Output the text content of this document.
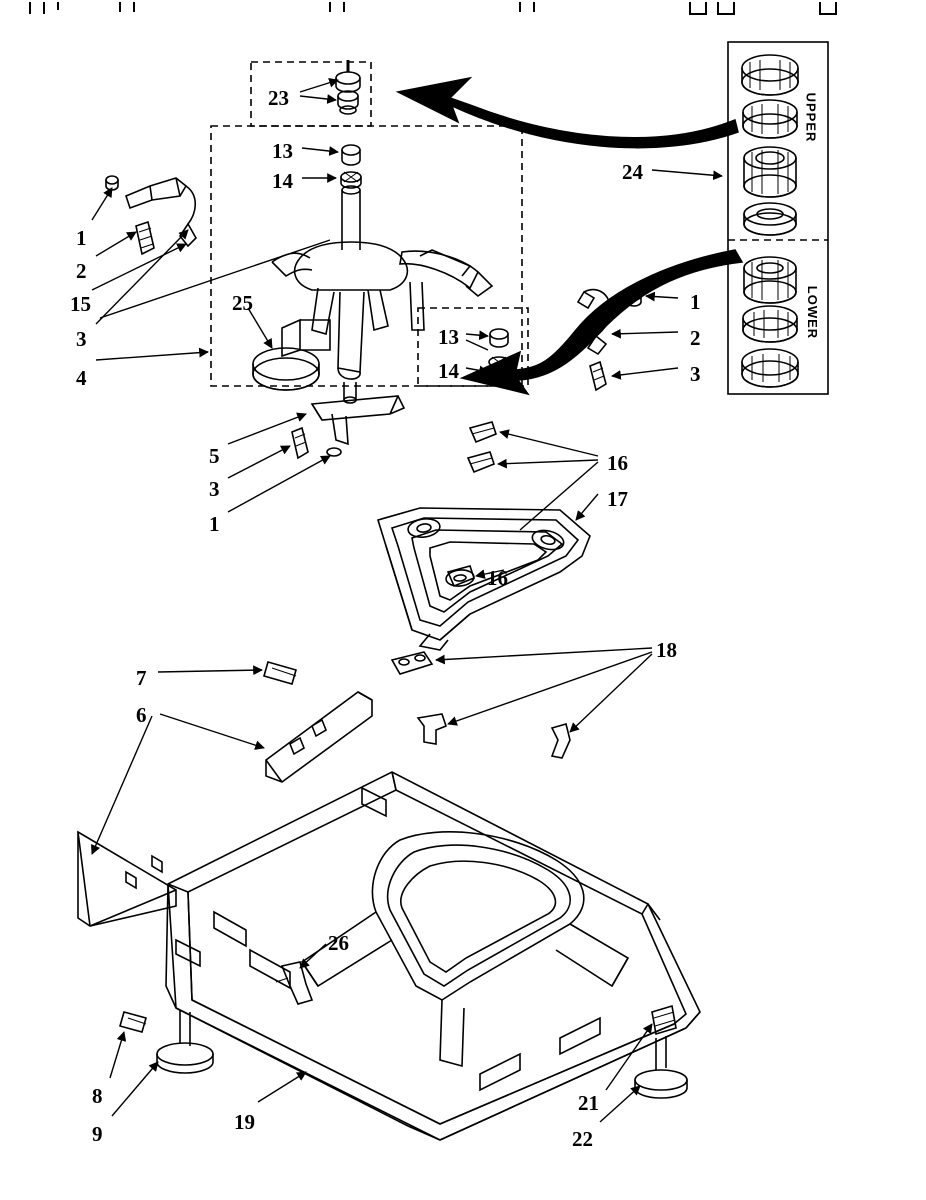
23
13
14	24
1
2
15
3
4
25	1
2
3
13
14
5
3
1
16
17
16
18
7
6
26
8
9	19
21
22
UPPER
LOWER
